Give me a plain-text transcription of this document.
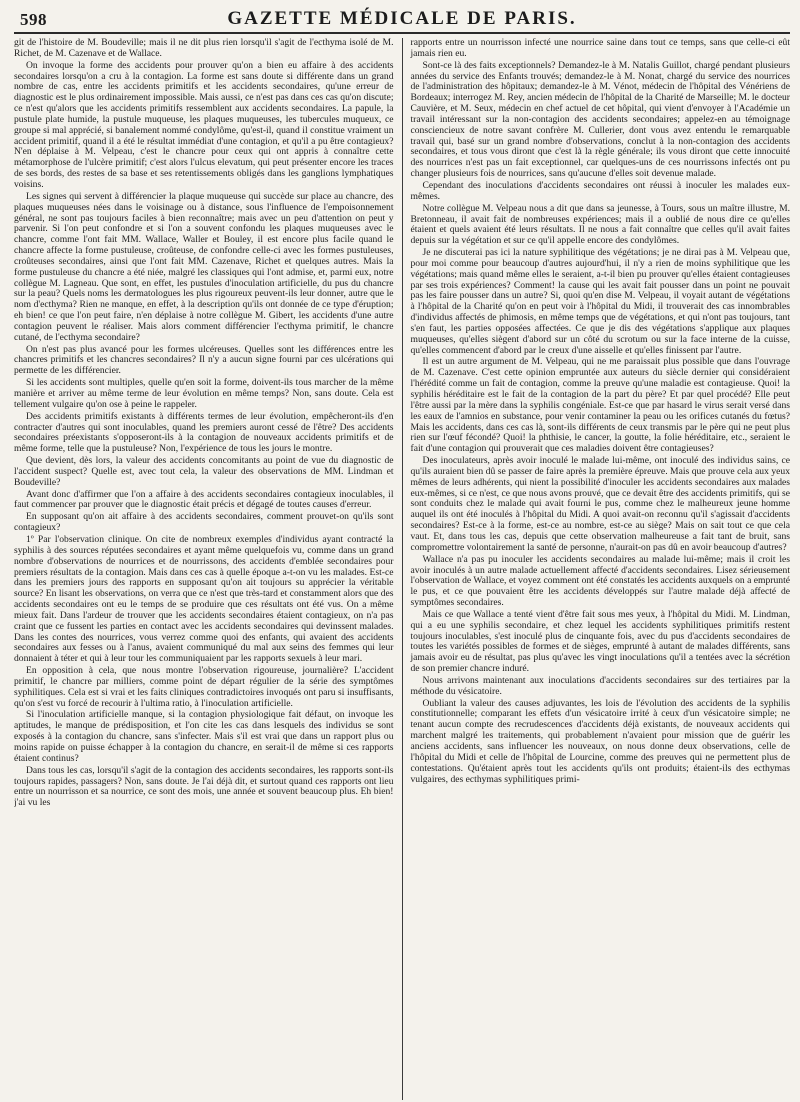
598	GAZETTE MÉDICALE DE PARIS.

git de l'histoire de M. Boudeville; mais il ne dit plus rien lorsqu'il s'agit de l'ecthyma isolé de M. Richet, de M. Cazenave et de Wallace.

On invoque la forme des accidents pour prouver qu'on a bien eu affaire à des accidents secondaires lorsqu'on a cru à la contagion. La forme est sans doute si différente dans un grand nombre de cas, entre les accidents primitifs et les accidents secondaires, qu'une erreur de diagnostic est le plus ordinairement impossible. Mais aussi, ce n'est pas dans ces cas qu'on discute; ce n'est qu'alors que les accidents primitifs ressemblent aux accidents secondaires. La papule, la pustule plate humide, la pustule muqueuse, les plaques muqueuses, les tubercules muqueux, ce groupe si mal apprécié, si banalement nommé condylôme, qu'est-il, quand il constitue vraiment un accident primitif, quand il a été le résultat immédiat d'une contagion, et qu'il a pu être contagieux? N'en déplaise à M. Velpeau, c'est le chancre pour ceux qui ont appris à connaître cette métamorphose de l'ulcère primitif; c'est alors l'ulcus elevatum, qui peut présenter encore les traces de ses bords, des restes de sa base et ses retentissements obligés dans les ganglions lymphatiques voisins.

Les signes qui servent à différencier la plaque muqueuse qui succède sur place au chancre, des plaques muqueuses nées dans le voisinage ou à distance, sous l'influence de l'empoisonnement général, ne sont pas toujours faciles à bien reconnaître; mais avec un peu d'attention on peut y parvenir. Si l'on peut confondre et si l'on a souvent confondu les plaques muqueuses avec le chancre, comme l'ont fait MM. Wallace, Waller et Bouley, il est encore plus facile quand le chancre affecte la forme pustuleuse, croûteuse, de confondre celle-ci avec les formes pustuleuses, croûteuses secondaires, ainsi que l'ont fait MM. Cazenave, Richet et quelques autres. Mais la forme pustuleuse du chancre a été niée, malgré les classiques qui l'ont admise, et, parmi eux, notre collègue M. Lagneau. Que sont, en effet, les pustules d'inoculation artificielle, du pus du chancre sur la peau? Quels noms les dermatologues les plus rigoureux peuvent-ils leur donner, autre que le nom d'ecthyma? Rien ne manque, en effet, à la description qu'ils ont donnée de ce type d'éruption; eh bien! ce que l'on peut faire, n'en déplaise à notre collègue M. Gibert, les accidents d'une autre contagion peuvent le réaliser. Mais alors comment différencier l'ecthyma primitif, le chancre cutané, de l'ecthyma secondaire?

On n'est pas plus avancé pour les formes ulcéreuses. Quelles sont les différences entre les chancres primitifs et les chancres secondaires? Il n'y a aucun signe fourni par ces ulcérations qui permette de les différencier.

Si les accidents sont multiples, quelle qu'en soit la forme, doivent-ils tous marcher de la même manière et arriver au même terme de leur évolution en même temps? Non, sans doute. Cela est tellement vulgaire qu'on ose à peine le rappeler.

Des accidents primitifs existants à différents termes de leur évolution, empêcheront-ils d'en contracter d'autres qui sont inoculables, quand les premiers auront cessé de l'être? Des accidents secondaires préexistants s'opposeront-ils à la contagion de nouveaux accidents primitifs et de même forme, telle que la pustuleuse? Non, l'expérience de tous les jours le montre.

Que devient, dès lors, la valeur des accidents concomitants au point de vue du diagnostic de l'accident suspect? Quelle est, avec tout cela, la valeur des observations de MM. Lindman et Boudeville?

Avant donc d'affirmer que l'on a affaire à des accidents secondaires contagieux inoculables, il faut commencer par prouver que le diagnostic était précis et dégagé de toutes causes d'erreur.

En supposant qu'on ait affaire à des accidents secondaires, comment prouvet-on qu'ils sont contagieux?

1º Par l'observation clinique. On cite de nombreux exemples d'individus ayant contracté la syphilis à des sources réputées secondaires et ayant même quelquefois vu, comme dans un grand nombre d'observations de nourrices et de nourrissons, des accidents d'emblée secondaires pour premiers résultats de la contagion. Mais dans ces cas à quelle époque a-t-on vu les malades. Est-ce dans les premiers jours des rapports en supposant qu'on ait toujours su apprécier la véritable source? En lisant les observations, on verra que ce n'est que très-tard et constamment alors que des accidents secondaires ont eu le temps de se produire que ces résultats ont été vus. On a même mieux fait. Dans l'ardeur de trouver que les accidents secondaires étaient contagieux, on n'a pas craint que ce fussent les parties en contact avec les accidents secondaires qui devinssent malades. Dans les contes des nourrices, vous verrez comme quoi des enfants, qui avaient des accidents secondaires aux fesses ou à l'anus, avaient communiqué du mal aux seins des femmes qui leur donnaient à téter et qui à leur tour les communiquaient par les rapports sexuels à leur mari.

En opposition à cela, que nous montre l'observation rigoureuse, journalière? L'accident primitif, le chancre par milliers, comme point de départ régulier de la série des symptômes syphilitiques. Cela est si vrai et les faits cliniques contradictoires invoqués ont paru si insuffisants, qu'on s'est vu forcé de recourir à l'ultima ratio, à l'inoculation artificielle.

Si l'inoculation artificielle manque, si la contagion physiologique fait défaut, on invoque les aptitudes, le manque de prédisposition, et l'on cite les cas dans lesquels des individus se sont exposés à la contagion du chancre, sans s'infecter. Mais s'il est vrai que dans un rapport plus ou moins rapide on puisse échapper à la contagion du chancre, en serait-il de même si ces rapports étaient continus?

Dans tous les cas, lorsqu'il s'agit de la contagion des accidents secondaires, les rapports sont-ils toujours rapides, passagers? Non, sans doute. Je l'ai déjà dit, et surtout quand ces rapports ont lieu entre un nourrisson et sa nourrice, ce sont des mois, une année et souvent beaucoup plus. Eh bien! j'ai vu les

rapports entre un nourrisson infecté une nourrice saine dans tout ce temps, sans que celle-ci eût jamais rien eu.

Sont-ce là des faits exceptionnels? Demandez-le à M. Natalis Guillot, chargé pendant plusieurs années du service des Enfants trouvés; demandez-le à M. Nonat, chargé du service des nourrices de l'administration des hôpitaux; demandez-le à M. Vénot, médecin de l'hôpital des Vénériens de Bordeaux; interrogez M. Rey, ancien médecin de l'hôpital de la Charité de Marseille; M. le docteur Cauvière, et M. Seux, médecin en chef actuel de cet hôpital, qui vient d'envoyer à l'Académie un travail intéressant sur la non-contagion des accidents secondaires; appelez-en au témoignage consciencieux de notre savant confrère M. Cullerier, dont vous avez entendu le remarquable travail qui, basé sur un grand nombre d'observations, conclut à la non-contagion des accidents secondaires, et tous vous diront que c'est là la règle générale; ils vous diront que cette innocuité des nourrices n'est pas un fait exceptionnel, car quelques-uns de ces nourrissons infectés ont pu changer plusieurs fois de nourrices, sans qu'aucune d'elles soit devenue malade.

Cependant des inoculations d'accidents secondaires ont réussi à inoculer les malades eux-mêmes.

Notre collègue M. Velpeau nous a dit que dans sa jeunesse, à Tours, sous un maître illustre, M. Bretonneau, il avait fait de nombreuses expériences; mais il a oublié de nous dire ce qu'elles étaient et quels avaient été leurs résultats. Il ne nous a fait connaître que celles qu'il avait faites depuis sur la végétation et sur ce qu'il appelle encore des condylômes.

Je ne discuterai pas ici la nature syphilitique des végétations; je ne dirai pas à M. Velpeau que, pour moi comme pour beaucoup d'autres aujourd'hui, il n'y a rien de moins syphilitique que les végétations; mais quand même elles le seraient, a-t-il bien pu prouver qu'elles étaient contagieuses par ses trois expériences? Comment! la cause qui les avait fait pousser dans un point ne pouvait pas les faire pousser dans un autre? Si, quoi qu'en dise M. Velpeau, il voyait autant de végétations à l'hôpital de la Charité qu'on en peut voir à l'hôpital du Midi, il trouverait des cas innombrables d'individus affectés de phimosis, en même temps que de végétations, et qui n'ont pas toujours, tant s'en faut, les parties opposées affectées. Ce que je dis des végétations s'applique aux plaques muqueuses, qu'elles siègent d'abord sur un côté du scrotum ou sur la face interne de la cuisse, qu'elles commencent d'abord par le creux d'une aisselle et qu'elles finissent par l'autre.

Il est un autre argument de M. Velpeau, qui ne me paraissait plus possible que dans l'ouvrage de M. Cazenave. C'est cette opinion empruntée aux auteurs du siècle dernier qui considéraient l'hérédité comme un fait de contagion, comme la preuve qu'une maladie est contagieuse. Quoi! la syphilis héréditaire est le fait de la contagion de la part du père? Et par quel procédé? Elle peut l'être aussi par la mère dans la syphilis congéniale. Est-ce que par hasard le virus serait versé dans les eaux de l'amnios en substance, pour venir contaminer la peau ou les orifices cutanés du fœtus? Mais les accidents, dans ces cas là, sont-ils différents de ceux transmis par le père qui ne peut plus rien sur l'œuf fécondé? Quoi! la phthisie, le cancer, la goutte, la folie héréditaire, etc., seraient le fait d'une contagion qui prouverait que ces maladies doivent être contagieuses?

Des inoculateurs, après avoir inoculé le malade lui-même, ont inoculé des individus sains, ce qu'ils auraient bien dû se passer de faire après la première épreuve. Mais que prouve cela aux yeux mêmes de leurs adhérents, qui nient la possibilité d'inoculer les accidents secondaires aux malades eux-mêmes, si ce n'est, ce que nous avons prouvé, que ce devait être des accidents primitifs, qui se sont conduits chez le malade qui avait fourni le pus, comme chez le malheureux jeune homme auquel ils ont été inoculés à l'hôpital du Midi. A quoi avait-on reconnu qu'il s'agissait d'accidents secondaires? Est-ce à la forme, est-ce au nombre, est-ce au siège? Mais on sait tout ce que cela vaut. Et, dans tous les cas, depuis que cette observation malheureuse a fait tant de bruit, sans compromettre volontairement la santé de personne, n'aurait-on pas dû en avoir beaucoup d'autres?

Wallace n'a pas pu inoculer les accidents secondaires au malade lui-même; mais il croit les avoir inoculés à un autre malade actuellement affecté d'accidents secondaires. Lisez sérieusement l'observation de Wallace, et voyez comment ont été constatés les accidents auxquels on a emprunté le pus, et ce que pouvaient être les accidents développés sur l'autre malade déjà affecté de symptômes secondaires.

Mais ce que Wallace a tenté vient d'être fait sous mes yeux, à l'hôpital du Midi. M. Lindman, qui a eu une syphilis secondaire, et chez lequel les accidents syphilitiques primitifs restent toujours inoculables, s'est inoculé plus de cinquante fois, avec du pus d'accidents secondaires de toutes les variétés possibles de formes et de sièges, emprunté à autant de malades différents, sans jamais avoir eu de résultat, pas plus qu'avec les vingt inoculations qu'il a tentées avec la sécrétion de son premier chancre induré.

Nous arrivons maintenant aux inoculations d'accidents secondaires sur des tertiaires par la méthode du vésicatoire.

Oubliant la valeur des causes adjuvantes, les lois de l'évolution des accidents de la syphilis constitutionnelle; comparant les effets d'un vésicatoire irrité à ceux d'un vésicatoire simple; ne tenant aucun compte des recrudescences d'accidents déjà existants, de nouveaux accidents qui marchent malgré les traitements, qui probablement n'avaient pour mission que de guérir les anciens accidents, sans influencer les nouveaux, on nous donne deux observations, celle de l'hôpital du Midi et celle de l'hôpital de Lourcine, comme des preuves qui ne permettent plus de contestations. Qu'étaient après tout les accidents qu'ils ont produits; étaient-ils des ecthymas vulgaires, des ecthymas syphilitiques primi-
